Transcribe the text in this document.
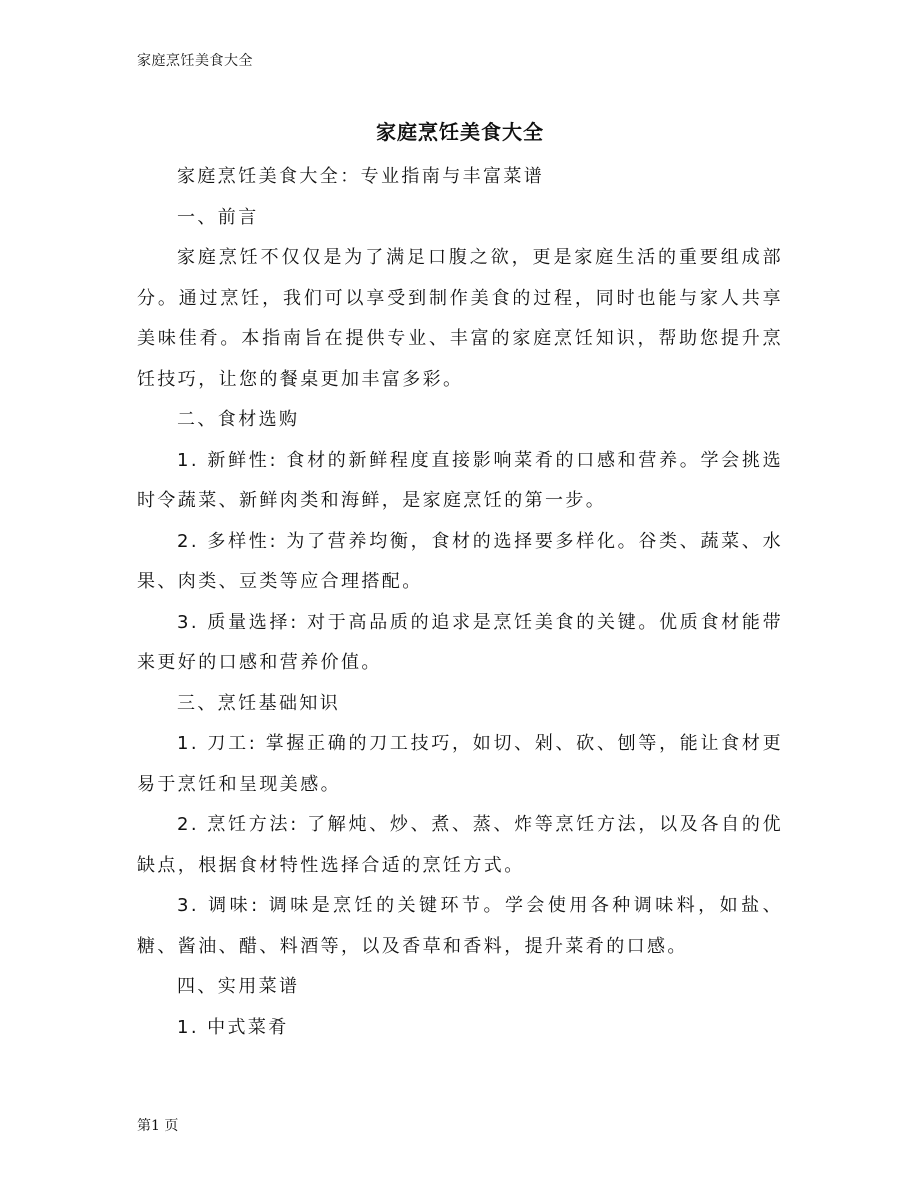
家庭烹饪美食大全
家庭烹饪美食大全

家庭烹饪美食大全：专业指南与丰富菜谱

一、前言

家庭烹饪不仅仅是为了满足口腹之欲，更是家庭生活的重要组成部分。通过烹饪，我们可以享受到制作美食的过程，同时也能与家人共享美味佳肴。本指南旨在提供专业、丰富的家庭烹饪知识，帮助您提升烹饪技巧，让您的餐桌更加丰富多彩。

二、食材选购

1. 新鲜性: 食材的新鲜程度直接影响菜肴的口感和营养。学会挑选时令蔬菜、新鲜肉类和海鲜，是家庭烹饪的第一步。

2. 多样性: 为了营养均衡，食材的选择要多样化。谷类、蔬菜、水果、肉类、豆类等应合理搭配。

3. 质量选择: 对于高品质的追求是烹饪美食的关键。优质食材能带来更好的口感和营养价值。

三、烹饪基础知识

1. 刀工: 掌握正确的刀工技巧，如切、剁、砍、刨等，能让食材更易于烹饪和呈现美感。

2. 烹饪方法: 了解炖、炒、煮、蒸、炸等烹饪方法，以及各自的优缺点，根据食材特性选择合适的烹饪方式。

3. 调味: 调味是烹饪的关键环节。学会使用各种调味料，如盐、糖、酱油、醋、料酒等，以及香草和香料，提升菜肴的口感。

四、实用菜谱

1. 中式菜肴

第1 页
